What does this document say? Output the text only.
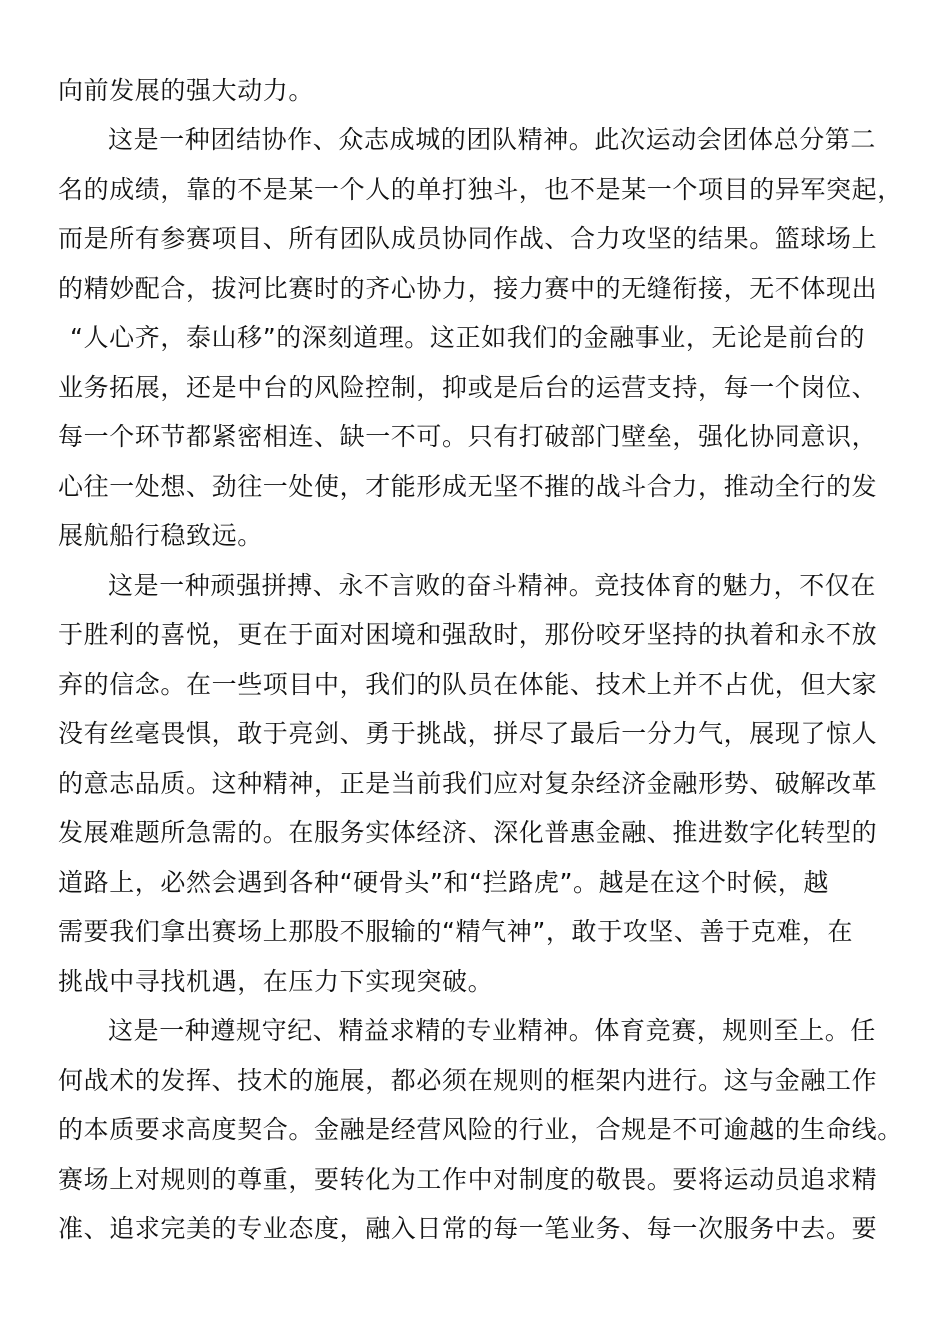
向前发展的强大动力。
这是一种团结协作、众志成城的团队精神。此次运动会团体总分第二
名的成绩，靠的不是某一个人的单打独斗，也不是某一个项目的异军突起，
而是所有参赛项目、所有团队成员协同作战、合力攻坚的结果。篮球场上
的精妙配合，拔河比赛时的齐心协力，接力赛中的无缝衔接，无不体现出
“人心齐，泰山移”的深刻道理。这正如我们的金融事业，无论是前台的
业务拓展，还是中台的风险控制，抑或是后台的运营支持，每一个岗位、
每一个环节都紧密相连、缺一不可。只有打破部门壁垒，强化协同意识，
心往一处想、劲往一处使，才能形成无坚不摧的战斗合力，推动全行的发
展航船行稳致远。
这是一种顽强拼搏、永不言败的奋斗精神。竞技体育的魅力，不仅在
于胜利的喜悦，更在于面对困境和强敌时，那份咬牙坚持的执着和永不放
弃的信念。在一些项目中，我们的队员在体能、技术上并不占优，但大家
没有丝毫畏惧，敢于亮剑、勇于挑战，拼尽了最后一分力气，展现了惊人
的意志品质。这种精神，正是当前我们应对复杂经济金融形势、破解改革
发展难题所急需的。在服务实体经济、深化普惠金融、推进数字化转型的
道路上，必然会遇到各种“硬骨头”和“拦路虎”。越是在这个时候，越
需要我们拿出赛场上那股不服输的“精气神”，敢于攻坚、善于克难，在
挑战中寻找机遇，在压力下实现突破。
这是一种遵规守纪、精益求精的专业精神。体育竞赛，规则至上。任
何战术的发挥、技术的施展，都必须在规则的框架内进行。这与金融工作
的本质要求高度契合。金融是经营风险的行业，合规是不可逾越的生命线。
赛场上对规则的尊重，要转化为工作中对制度的敬畏。要将运动员追求精
准、追求完美的专业态度，融入日常的每一笔业务、每一次服务中去。要
